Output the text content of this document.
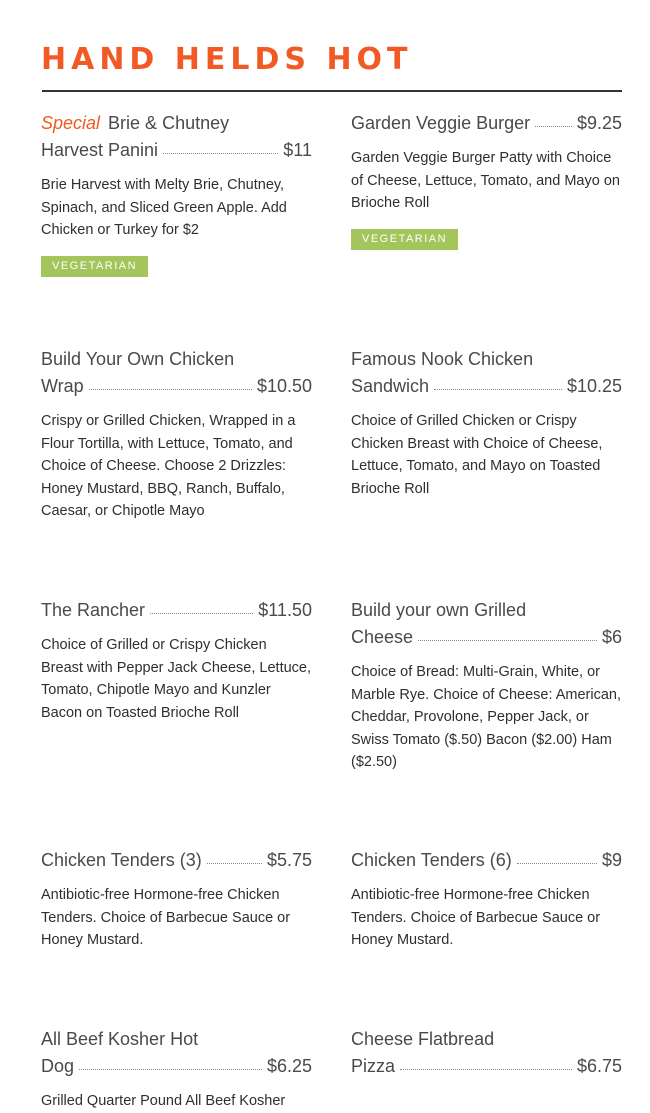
HAND HELDS HOT
Special Brie & Chutney
Harvest Panini	$11
Brie Harvest with Melty Brie, Chutney, Spinach, and Sliced Green Apple. Add Chicken or Turkey for $2
VEGETARIAN
Garden Veggie Burger	$9.25
Garden Veggie Burger Patty with Choice of Cheese, Lettuce, Tomato, and Mayo on Brioche Roll
VEGETARIAN
Build Your Own Chicken
Wrap	$10.50
Crispy or Grilled Chicken, Wrapped in a Flour Tortilla, with Lettuce, Tomato, and Choice of Cheese. Choose 2 Drizzles: Honey Mustard, BBQ, Ranch, Buffalo, Caesar, or Chipotle Mayo
Famous Nook Chicken
Sandwich	$10.25
Choice of Grilled Chicken or Crispy Chicken Breast with Choice of Cheese, Lettuce, Tomato, and Mayo on Toasted Brioche Roll
The Rancher	$11.50
Choice of Grilled or Crispy Chicken Breast with Pepper Jack Cheese, Lettuce, Tomato, Chipotle Mayo and Kunzler Bacon on Toasted Brioche Roll
Build your own Grilled
Cheese	$6
Choice of Bread: Multi-Grain, White, or Marble Rye. Choice of Cheese: American, Cheddar, Provolone, Pepper Jack, or Swiss Tomato ($.50) Bacon ($2.00) Ham ($2.50)
Chicken Tenders (3)	$5.75
Antibiotic-free Hormone-free Chicken Tenders. Choice of Barbecue Sauce or Honey Mustard.
Chicken Tenders (6)	$9
Antibiotic-free Hormone-free Chicken Tenders. Choice of Barbecue Sauce or Honey Mustard.
All Beef Kosher Hot
Dog	$6.25
Grilled Quarter Pound All Beef Kosher
Cheese Flatbread
Pizza	$6.75
